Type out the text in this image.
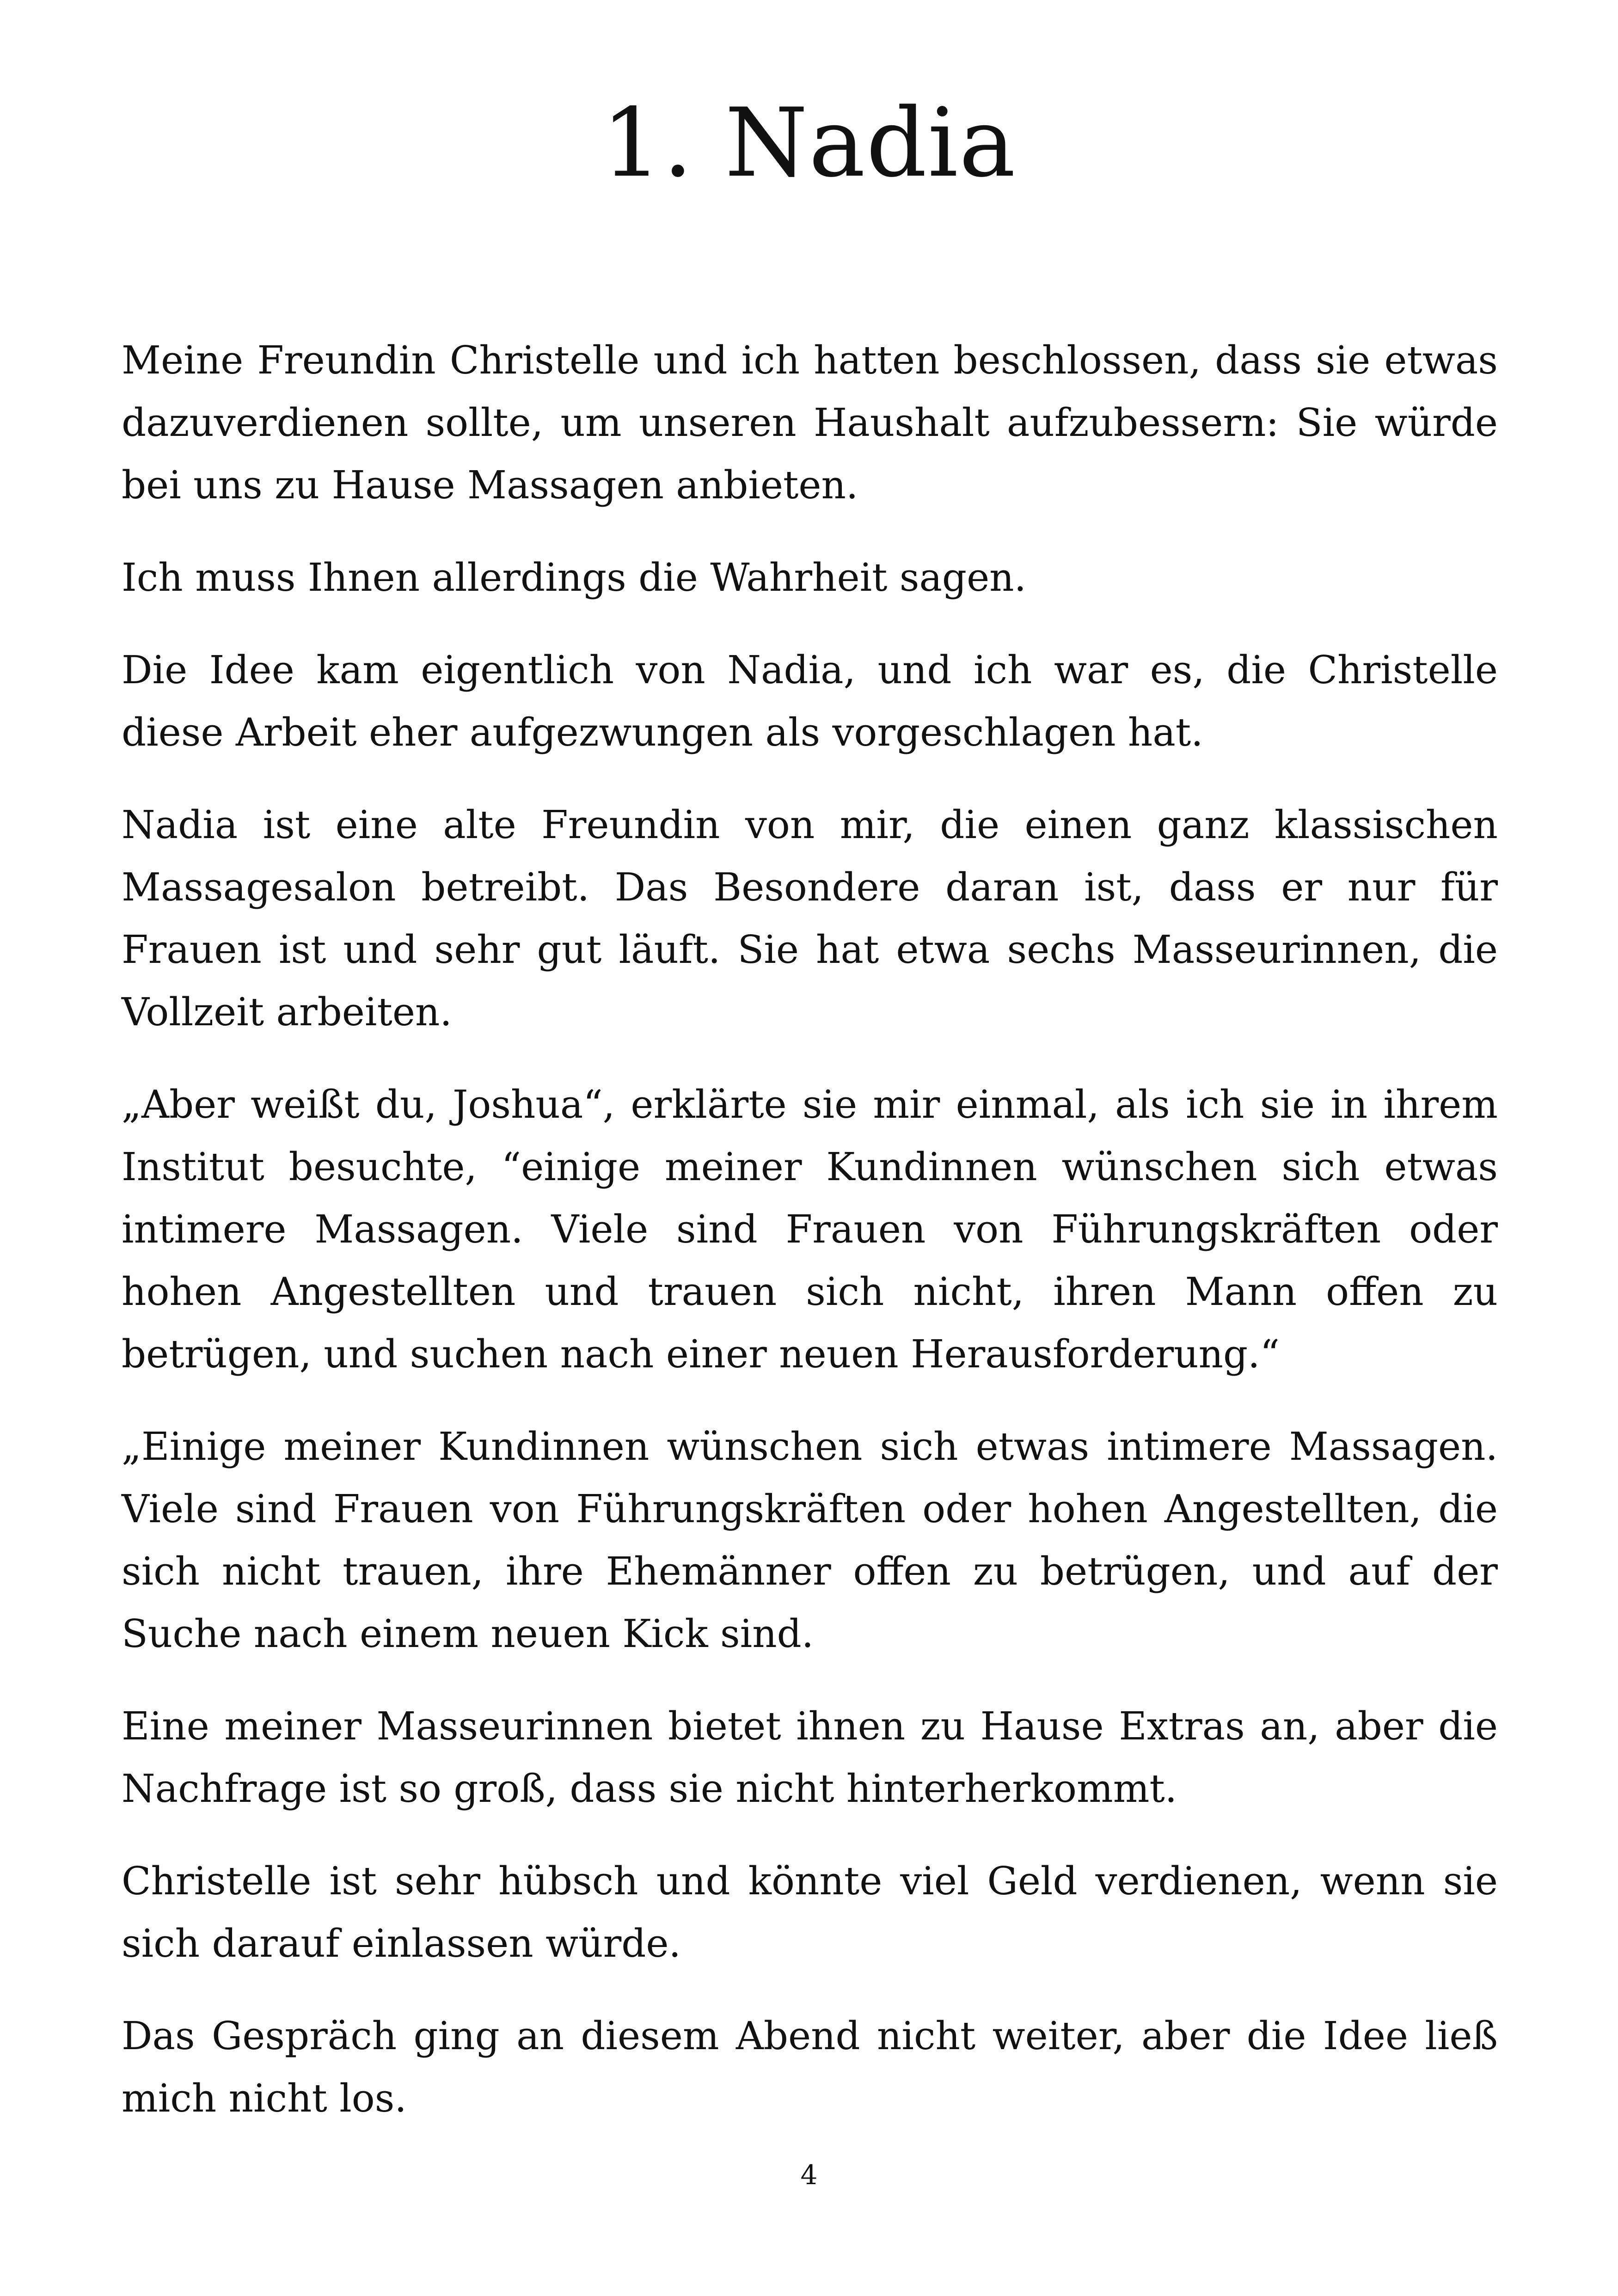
1. Nadia

Meine Freundin Christelle und ich hatten beschlossen, dass sie etwas dazuverdienen sollte, um unseren Haushalt aufzubessern: Sie würde bei uns zu Hause Massagen anbieten.

Ich muss Ihnen allerdings die Wahrheit sagen.

Die Idee kam eigentlich von Nadia, und ich war es, die Christelle diese Arbeit eher aufgezwungen als vorgeschlagen hat.

Nadia ist eine alte Freundin von mir, die einen ganz klassischen Massagesalon betreibt. Das Besondere daran ist, dass er nur für Frauen ist und sehr gut läuft. Sie hat etwa sechs Masseurinnen, die Vollzeit arbeiten.

„Aber weißt du, Joshua“, erklärte sie mir einmal, als ich sie in ihrem Institut besuchte, “einige meiner Kundinnen wünschen sich etwas intimere Massagen. Viele sind Frauen von Führungskräften oder hohen Angestellten und trauen sich nicht, ihren Mann offen zu betrügen, und suchen nach einer neuen Herausforderung.“

„Einige meiner Kundinnen wünschen sich etwas intimere Massagen. Viele sind Frauen von Führungskräften oder hohen Angestellten, die sich nicht trauen, ihre Ehemänner offen zu betrügen, und auf der Suche nach einem neuen Kick sind.

Eine meiner Masseurinnen bietet ihnen zu Hause Extras an, aber die Nachfrage ist so groß, dass sie nicht hinterherkommt.

Christelle ist sehr hübsch und könnte viel Geld verdienen, wenn sie sich darauf einlassen würde.

Das Gespräch ging an diesem Abend nicht weiter, aber die Idee ließ mich nicht los.

4
